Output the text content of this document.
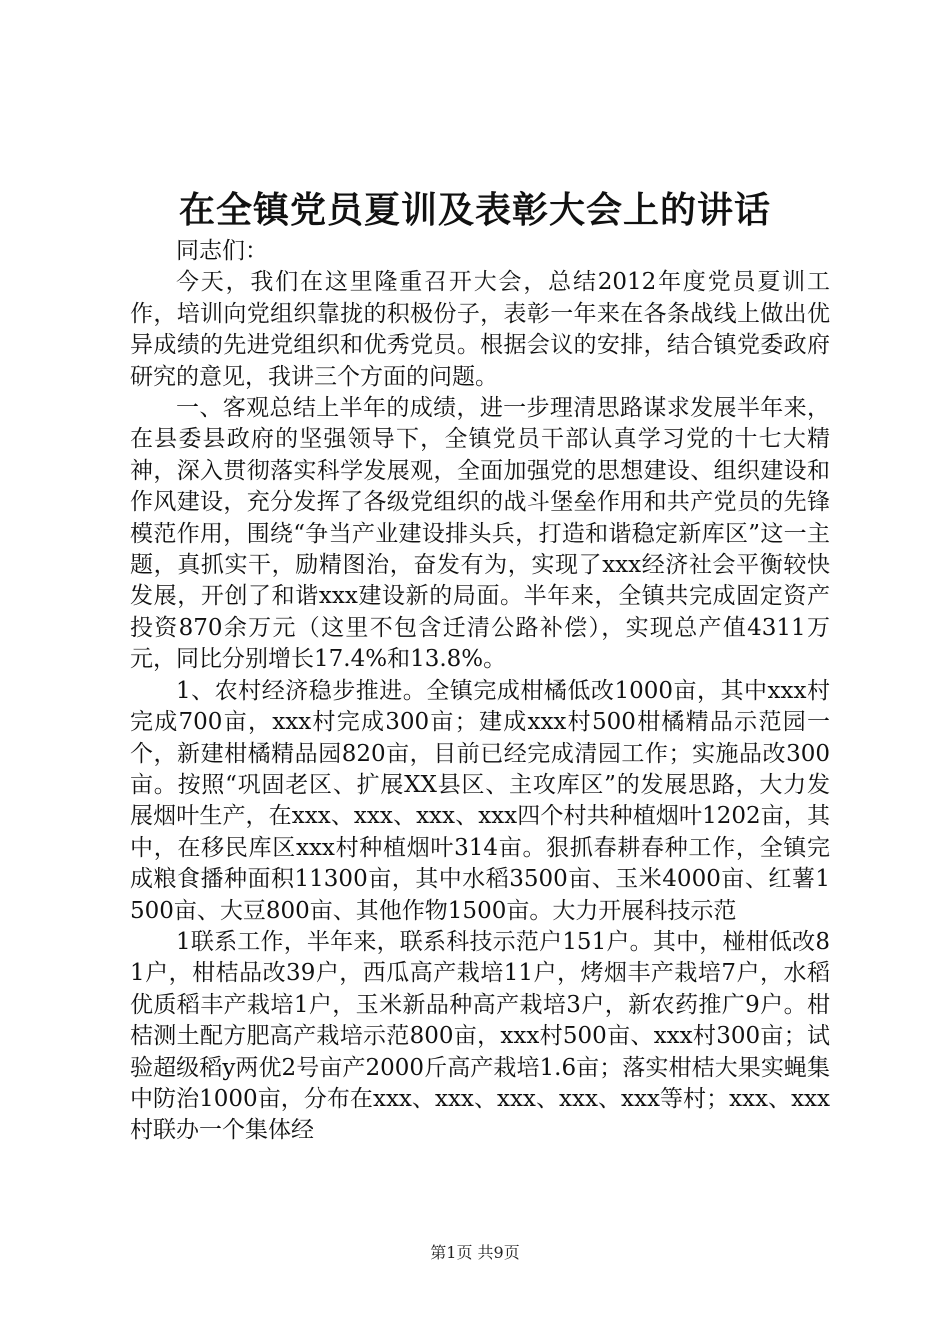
在全镇党员夏训及表彰大会上的讲话

同志们：

今天，我们在这里隆重召开大会，总结2012年度党员夏训工作，培训向党组织靠拢的积极份子，表彰一年来在各条战线上做出优异成绩的先进党组织和优秀党员。根据会议的安排，结合镇党委政府研究的意见，我讲三个方面的问题。

一、客观总结上半年的成绩，进一步理清思路谋求发展半年来，在县委县政府的坚强领导下，全镇党员干部认真学习党的十七大精神，深入贯彻落实科学发展观，全面加强党的思想建设、组织建设和作风建设，充分发挥了各级党组织的战斗堡垒作用和共产党员的先锋模范作用，围绕“争当产业建设排头兵，打造和谐稳定新库区”这一主题，真抓实干，励精图治，奋发有为，实现了xxx经济社会平衡较快发展，开创了和谐xxx建设新的局面。半年来，全镇共完成固定资产投资870余万元（这里不包含迁清公路补偿），实现总产值4311万元，同比分别增长17.4%和13.8%。

1、农村经济稳步推进。全镇完成柑橘低改1000亩，其中xxx村完成700亩，xxx村完成300亩；建成xxx村500柑橘精品示范园一个，新建柑橘精品园820亩，目前已经完成清园工作；实施品改300亩。按照“巩固老区、扩展XX县区、主攻库区”的发展思路，大力发展烟叶生产，在xxx、xxx、xxx、xxx四个村共种植烟叶1202亩，其中，在移民库区xxx村种植烟叶314亩。狠抓春耕春种工作，全镇完成粮食播种面积11300亩，其中水稻3500亩、玉米4000亩、红薯1500亩、大豆800亩、其他作物1500亩。大力开展科技示范

1联系工作，半年来，联系科技示范户151户。其中，椪柑低改81户，柑桔品改39户，西瓜高产栽培11户，烤烟丰产栽培7户，水稻优质稻丰产栽培1户，玉米新品种高产栽培3户，新农药推广9户。柑桔测土配方肥高产栽培示范800亩，xxx村500亩、xxx村300亩；试验超级稻y两优2号亩产2000斤高产栽培1.6亩；落实柑桔大果实蝇集中防治1000亩，分布在xxx、xxx、xxx、xxx、xxx等村；xxx、xxx村联办一个集体经

第1页 共9页
